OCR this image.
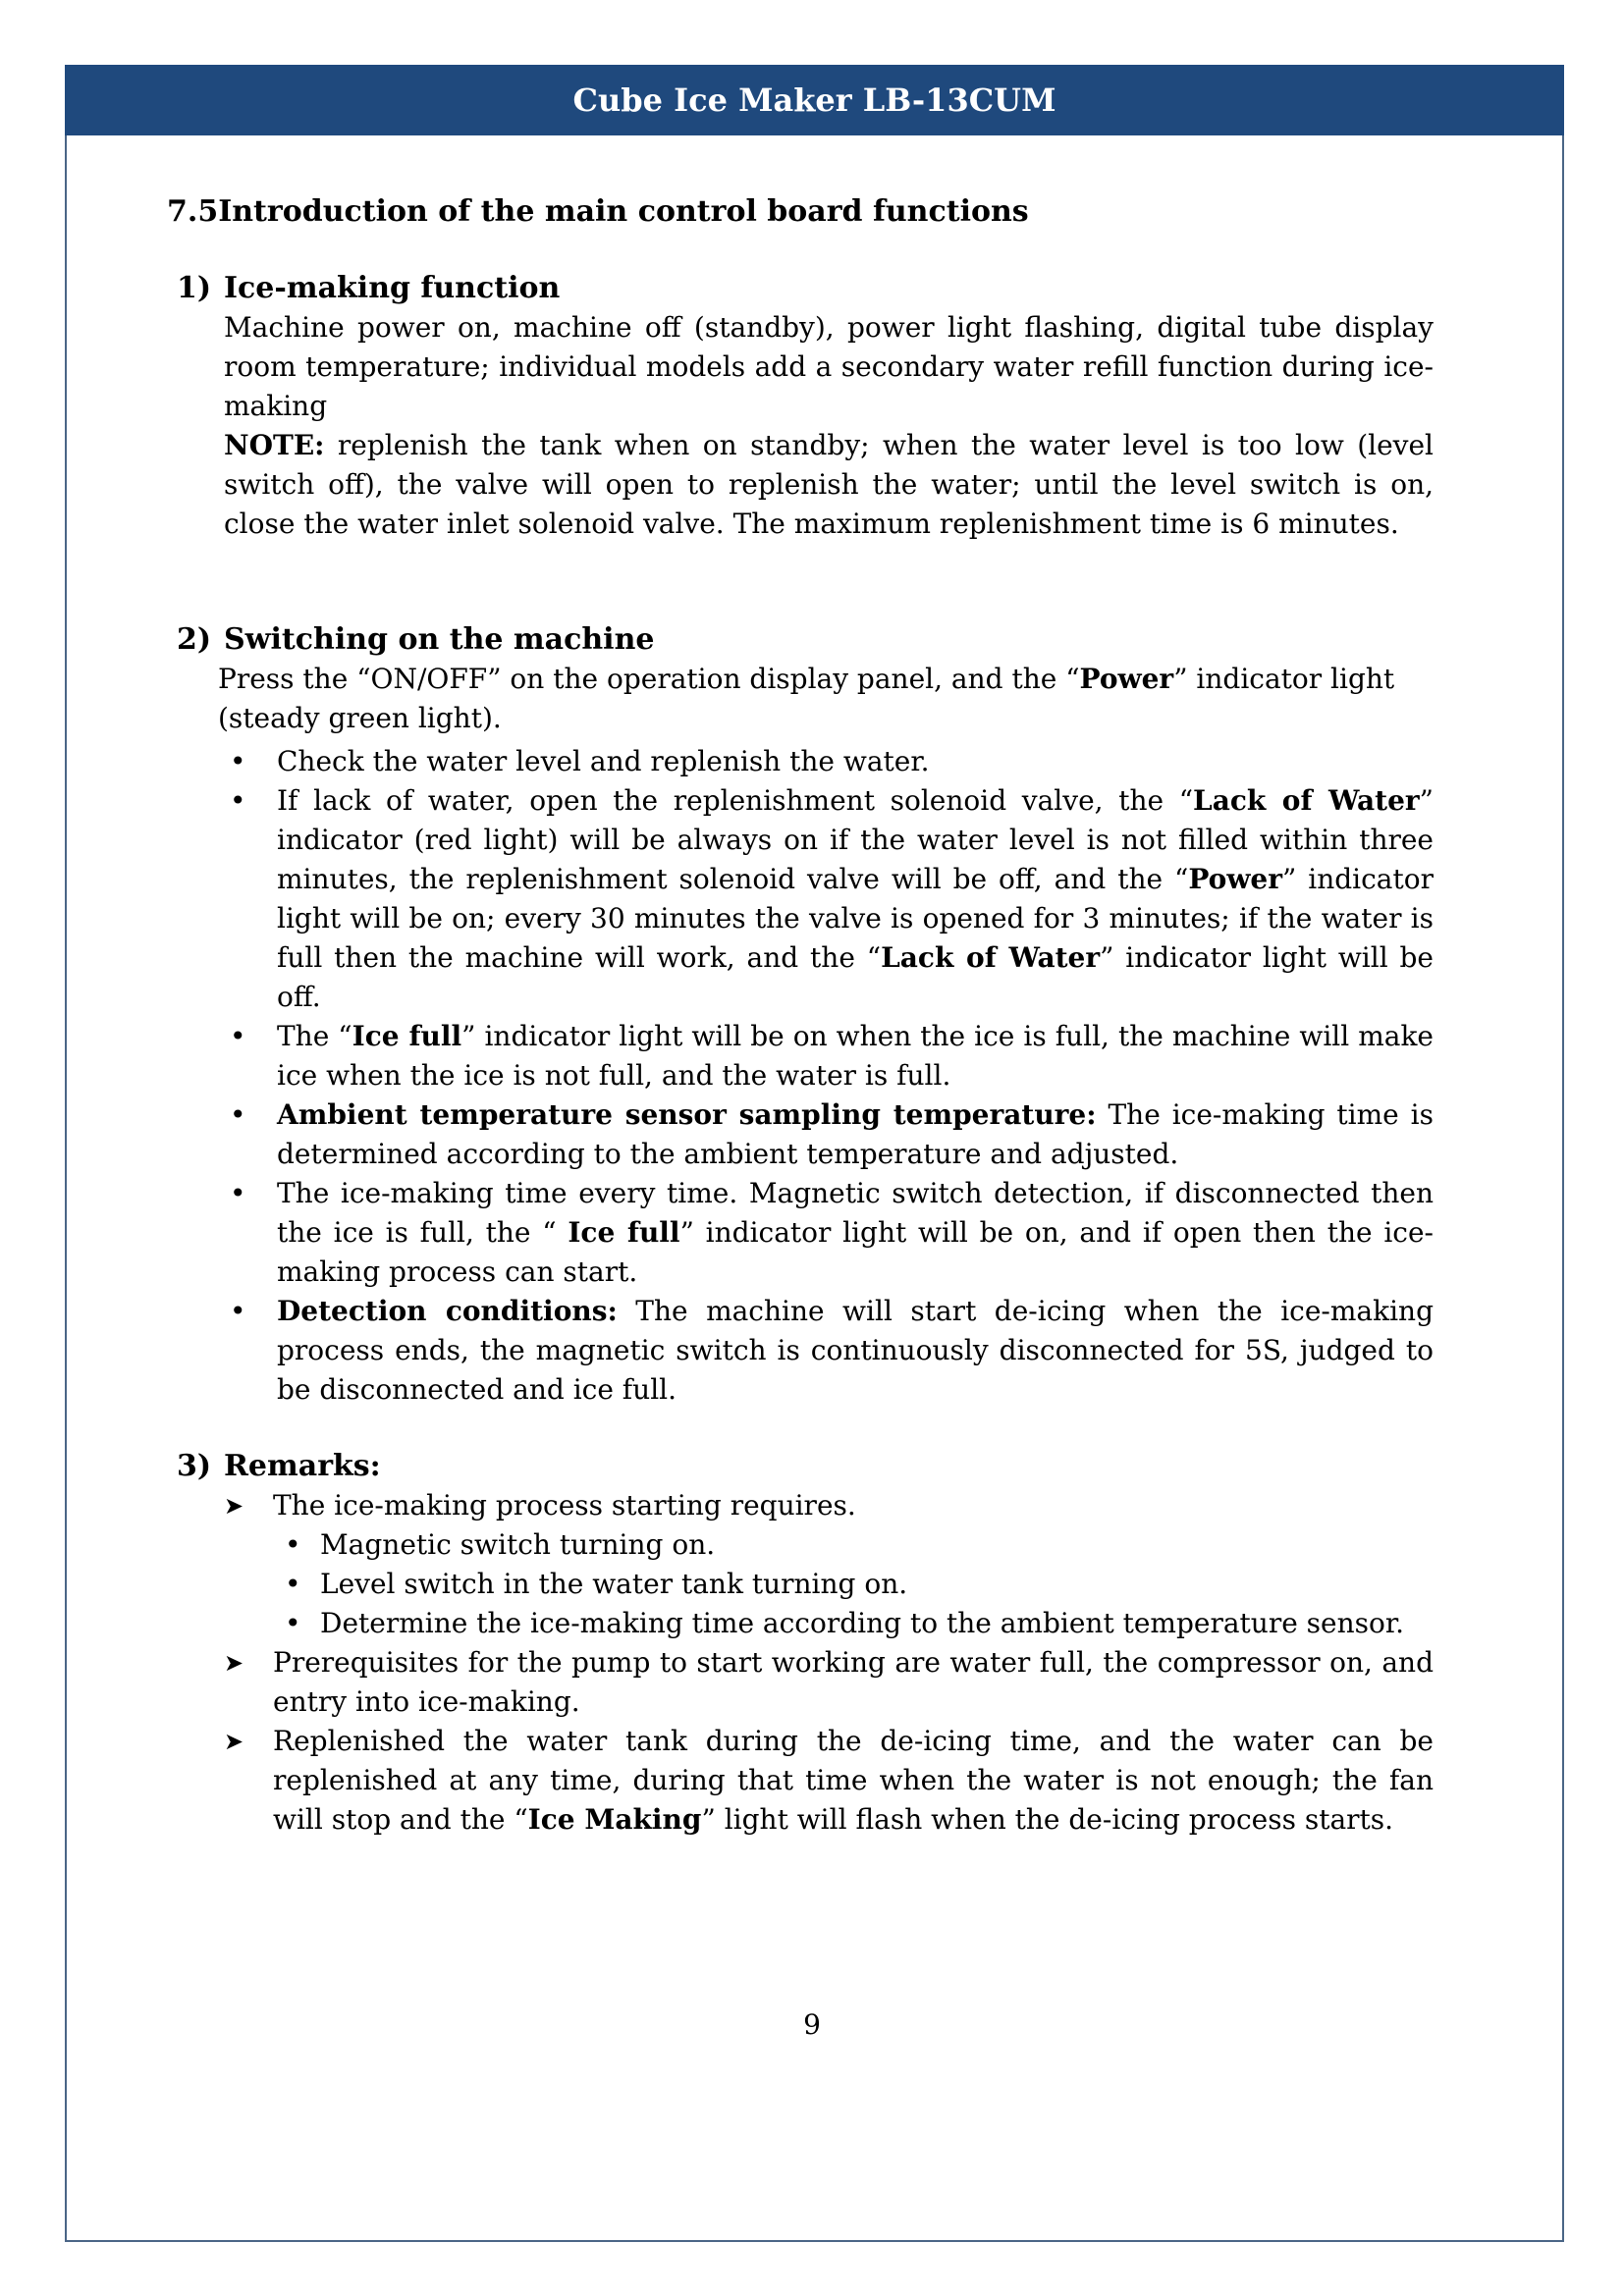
Cube Ice Maker LB-13CUM
7.5Introduction of the main control board functions
1) Ice-making function

Machine power on, machine off (standby), power light flashing, digital tube display room temperature; individual models add a secondary water refill function during ice-making

NOTE: replenish the tank when on standby; when the water level is too low (level switch off), the valve will open to replenish the water; until the level switch is on, close the water inlet solenoid valve. The maximum replenishment time is 6 minutes.

2) Switching on the machine

Press the “ON/OFF” on the operation display panel, and the “Power” indicator light

(steady green light).

• Check the water level and replenish the water.
• If lack of water, open the replenishment solenoid valve, the “Lack of Water” indicator (red light) will be always on if the water level is not filled within three minutes, the replenishment solenoid valve will be off, and the “Power” indicator light will be on; every 30 minutes the valve is opened for 3 minutes; if the water is full then the machine will work, and the “Lack of Water” indicator light will be off.
• The “Ice full” indicator light will be on when the ice is full, the machine will make ice when the ice is not full, and the water is full.
• Ambient temperature sensor sampling temperature: The ice-making time is determined according to the ambient temperature and adjusted.
• The ice-making time every time. Magnetic switch detection, if disconnected then the ice is full, the “ Ice full” indicator light will be on, and if open then the ice-making process can start.
• Detection conditions: The machine will start de-icing when the ice-making process ends, the magnetic switch is continuously disconnected for 5S, judged to be disconnected and ice full.
3) Remarks:
➤ The ice-making process starting requires.
• Magnetic switch turning on.
• Level switch in the water tank turning on.
• Determine the ice-making time according to the ambient temperature sensor.
➤ Prerequisites for the pump to start working are water full, the compressor on, and entry into ice-making.
➤ Replenished the water tank during the de-icing time, and the water can be replenished at any time, during that time when the water is not enough; the fan will stop and the “Ice Making” light will flash when the de-icing process starts.
9
